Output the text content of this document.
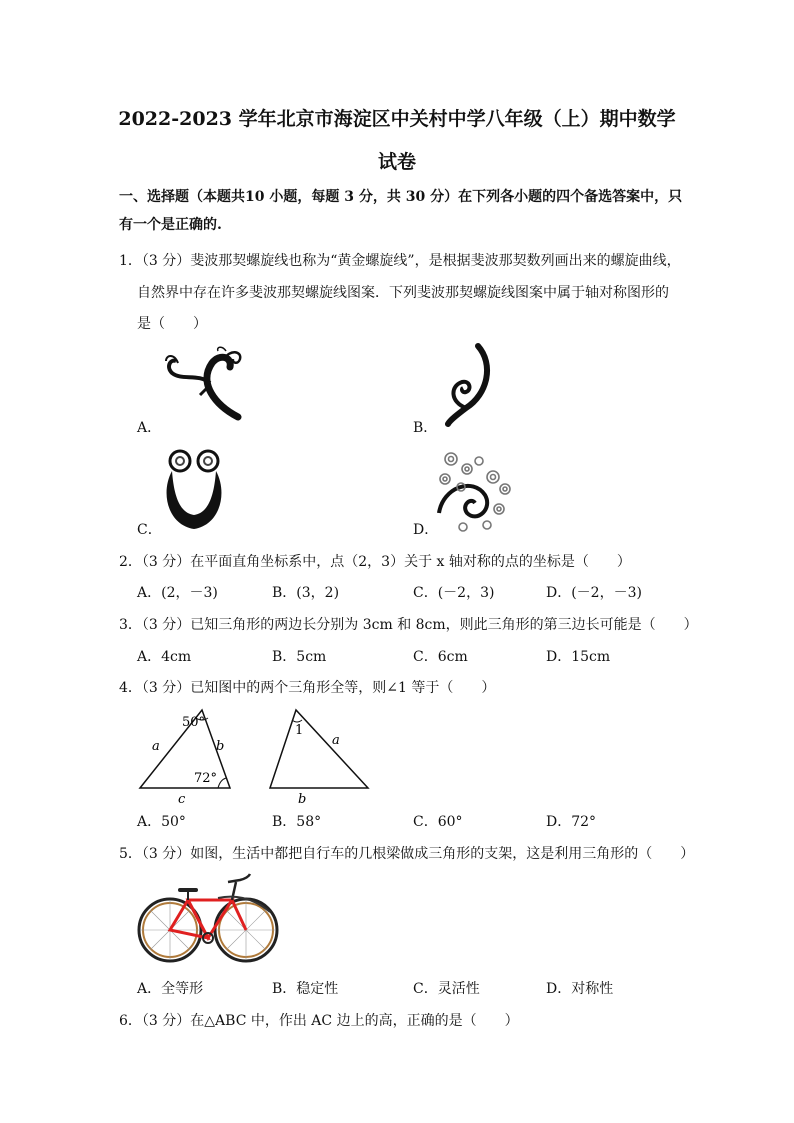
2022-2023 学年北京市海淀区中关村中学八年级（上）期中数学
试卷
一、选择题（本题共10 小题，每题 3 分，共 30 分）在下列各小题的四个备选答案中，只
有一个是正确的.
1．（3 分）斐波那契螺旋线也称为“黄金螺旋线”，是根据斐波那契数列画出来的螺旋曲线，
自然界中存在许多斐波那契螺旋线图案．下列斐波那契螺旋线图案中属于轴对称图形的
是（　　）
A．	B．
C．	D．
2．（3 分）在平面直角坐标系中，点（2，3）关于 x 轴对称的点的坐标是（　　）
A．(2，－3)	B．(3，2)	C．(－2，3)	D．(－2，－3)
3．（3 分）已知三角形的两边长分别为 3cm 和 8cm，则此三角形的第三边长可能是（　　）
A．4cm	B．5cm	C．6cm	D．15cm
4．（3 分）已知图中的两个三角形全等，则∠1 等于（　　）
50°
72°
a	b
c
1
a
b
A．50°	B．58°	C．60°	D．72°
5．（3 分）如图，生活中都把自行车的几根梁做成三角形的支架，这是利用三角形的（　　）
A．全等形	B．稳定性	C．灵活性	D．对称性
6．（3 分）在△ABC 中，作出 AC 边上的高，正确的是（　　）
